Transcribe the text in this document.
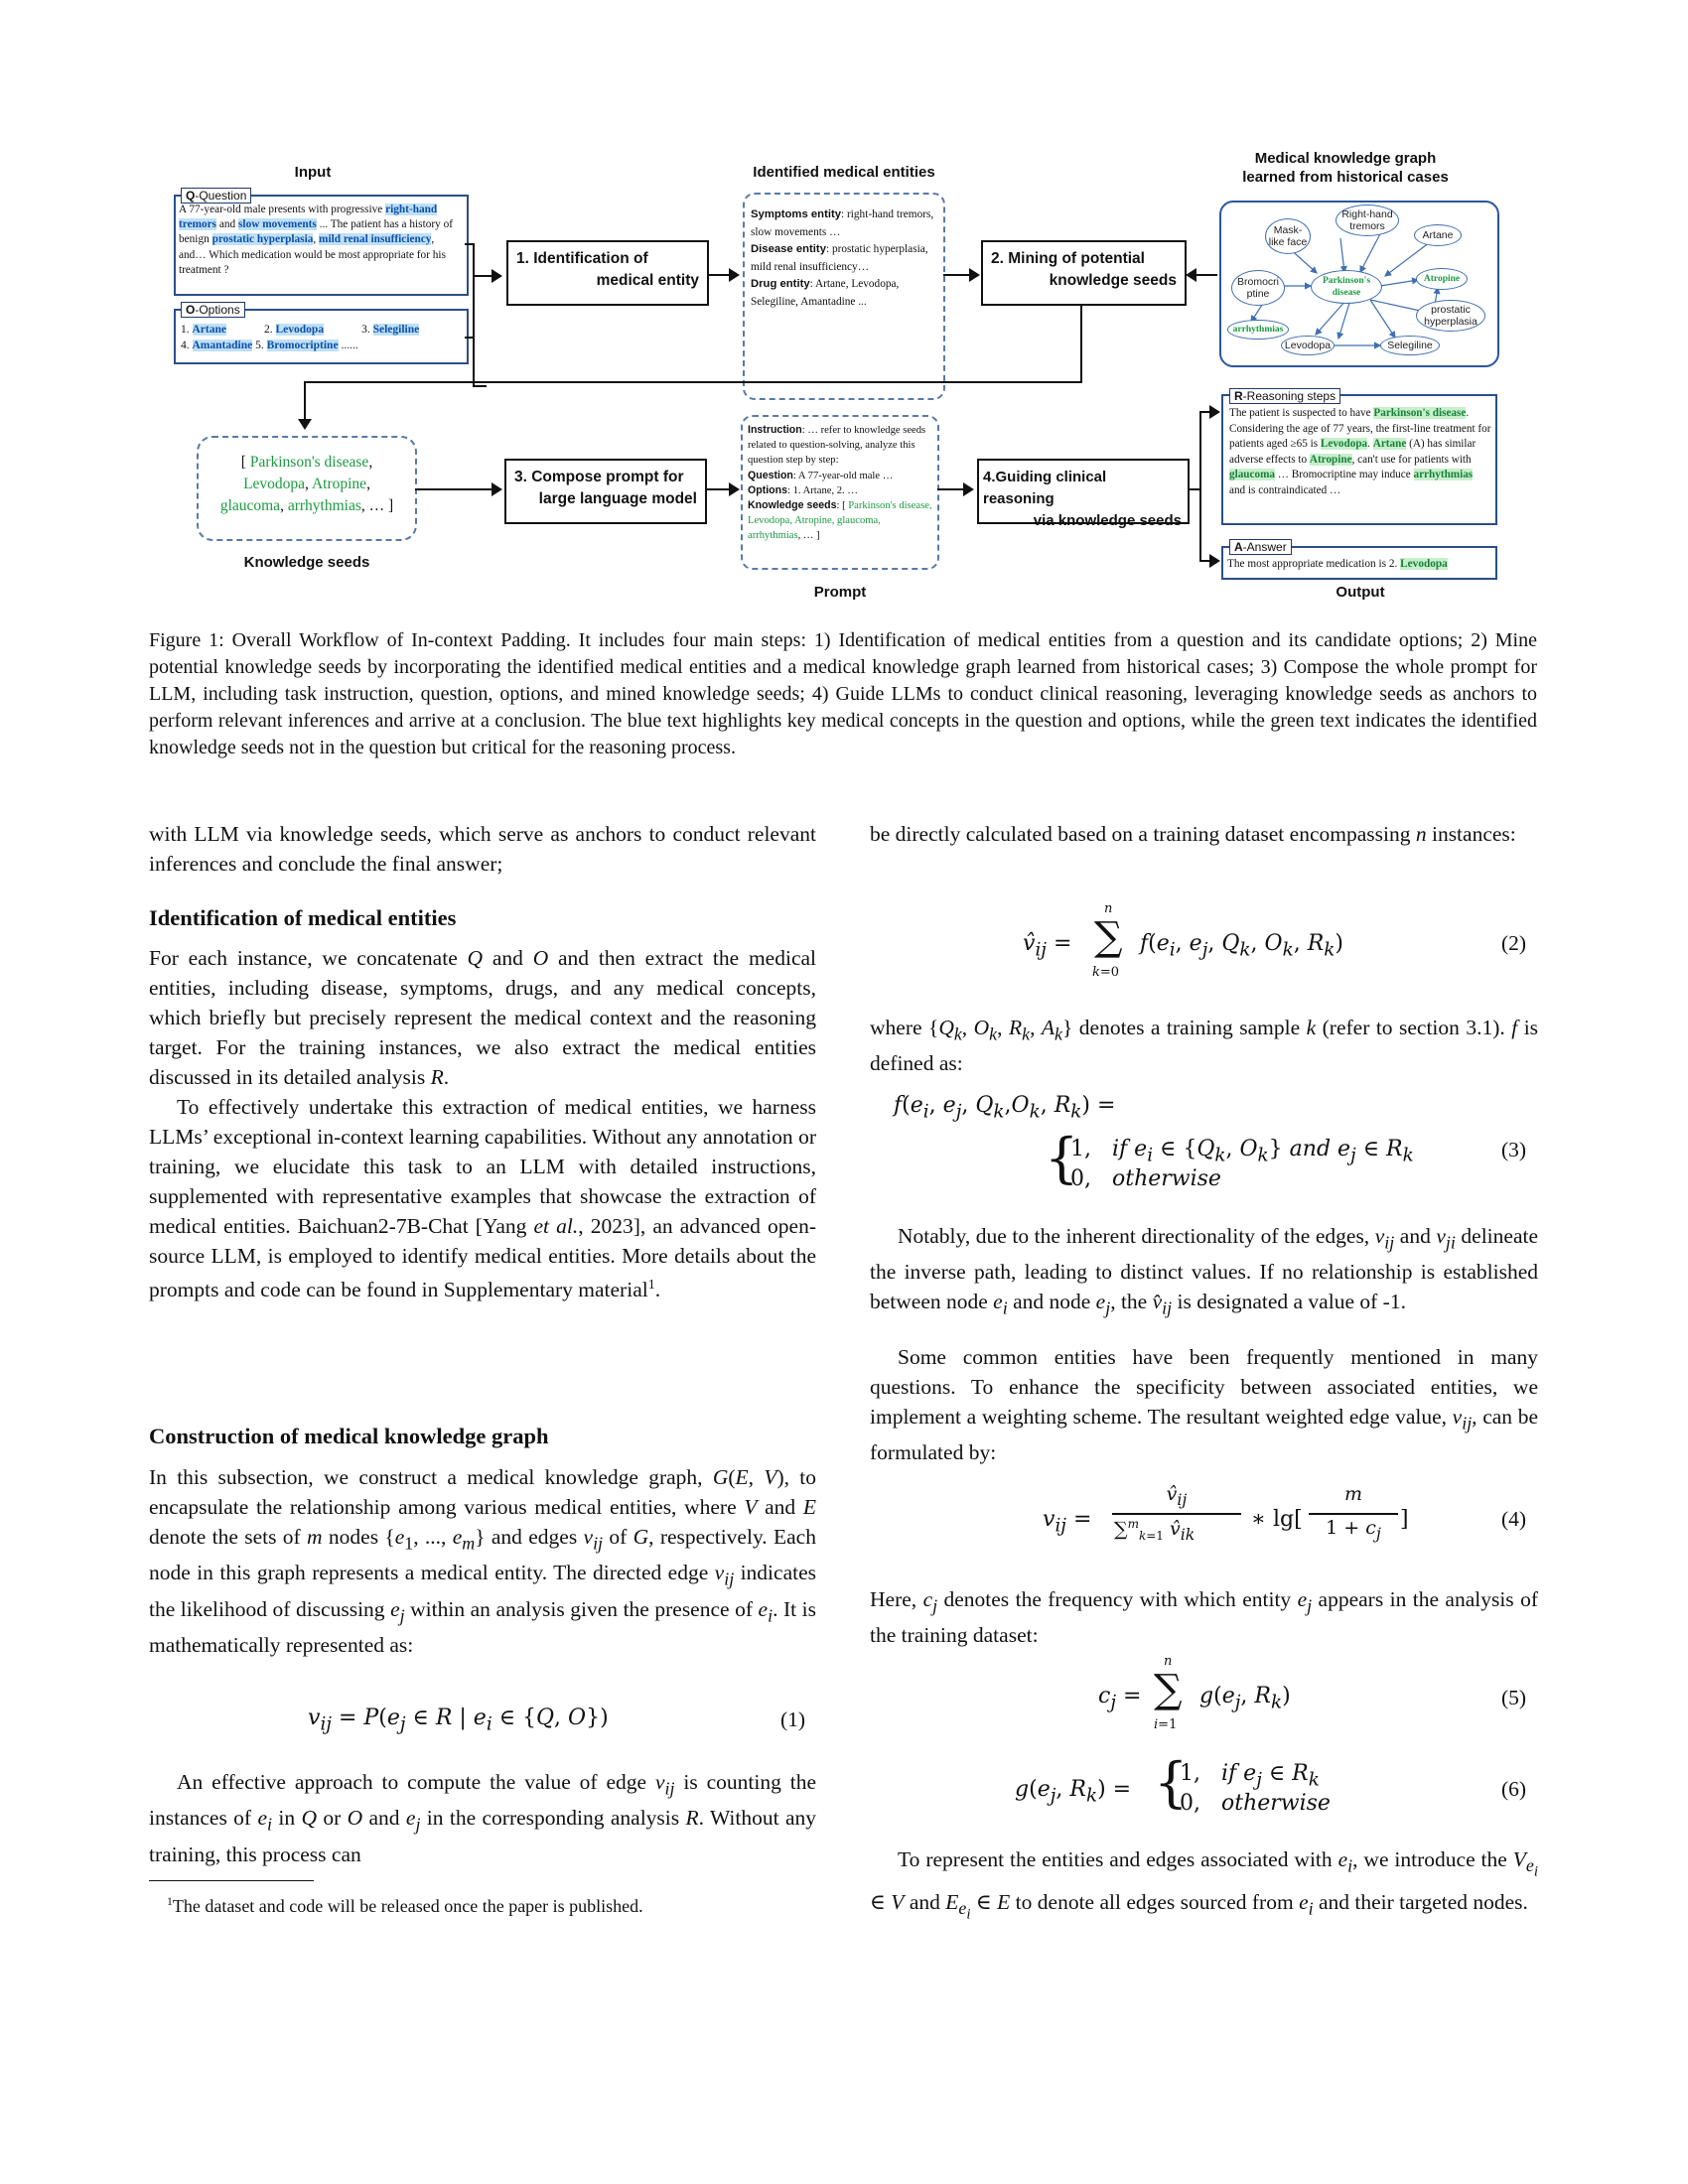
Input
A 77-year-old male presents with progressive right-hand tremors and slow movements ... The patient has a history of benign prostatic hyperplasia, mild renal insufficiency, and… Which medication would be most appropriate for his treatment ?
Q-Question
1. Artane	2. Levodopa	3. Selegiline
4. Amantadine 5. Bromocriptine ......
O-Options
1. Identification of
medical entity
Identified medical entities
Symptoms entity: right-hand tremors, slow movements …
Disease entity: prostatic hyperplasia, mild renal insufficiency…
Drug entity: Artane, Levodopa, Selegiline, Amantadine ...
2. Mining of potential
knowledge seeds
Medical knowledge graph
learned from historical cases
Right-hand tremors
Mask-like face
Artane
Bromocri ptine
Parkinson's disease
Atropine
arrhythmias
prostatic hyperplasia
Levodopa	Selegiline
[ Parkinson's disease,
Levodopa, Atropine,
glaucoma, arrhythmias, … ]
Knowledge seeds
3. Compose prompt for
large language model
Instruction: … refer to knowledge seeds related to question-solving, analyze this question step by step:
Question: A 77-year-old male …
Options: 1. Artane, 2. …
Knowledge seeds: [ Parkinson's disease, Levodopa, Atropine, glaucoma, arrhythmias, … ]
Prompt
4.Guiding clinical reasoning
via knowledge seeds
The patient is suspected to have Parkinson's disease. Considering the age of 77 years, the first-line treatment for patients aged ≥65 is Levodopa. Artane (A) has similar adverse effects to Atropine, can't use for patients with glaucoma … Bromocriptine may induce arrhythmias and is contraindicated …
R-Reasoning steps
The most appropriate medication is 2. Levodopa
A-Answer
Output
Figure 1: Overall Workflow of In-context Padding. It includes four main steps: 1) Identification of medical entities from a question and its candidate options; 2) Mine potential knowledge seeds by incorporating the identified medical entities and a medical knowledge graph learned from historical cases; 3) Compose the whole prompt for LLM, including task instruction, question, options, and mined knowledge seeds; 4) Guide LLMs to conduct clinical reasoning, leveraging knowledge seeds as anchors to perform relevant inferences and arrive at a conclusion. The blue text highlights key medical concepts in the question and options, while the green text indicates the identified knowledge seeds not in the question but critical for the reasoning process.
with LLM via knowledge seeds, which serve as anchors to conduct relevant inferences and conclude the final answer;
Identification of medical entities
For each instance, we concatenate Q and O and then extract the medical entities, including disease, symptoms, drugs, and any medical concepts, which briefly but precisely represent the medical context and the reasoning target. For the training instances, we also extract the medical entities discussed in its detailed analysis R.
To effectively undertake this extraction of medical entities, we harness LLMs’ exceptional in-context learning capabilities. Without any annotation or training, we elucidate this task to an LLM with detailed instructions, supplemented with representative examples that showcase the extraction of medical entities. Baichuan2-7B-Chat [Yang et al., 2023], an advanced open-source LLM, is employed to identify medical entities. More details about the prompts and code can be found in Supplementary material$^1$.
Construction of medical knowledge graph
In this subsection, we construct a medical knowledge graph, G(E, V), to encapsulate the relationship among various medical entities, where V and E denote the sets of m nodes {$e_1$, ..., $e_m$} and edges $v_{ij}$ of G, respectively. Each node in this graph represents a medical entity. The directed edge $v_{ij}$ indicates the likelihood of discussing $e_j$ within an analysis given the presence of $e_i$. It is mathematically represented as:
$v_{ij} = P(e_j$ ∈ R | $e_i$ ∈ {Q, O})	(1)
An effective approach to compute the value of edge $v_{ij}$ is counting the instances of $e_i$ in Q or O and $e_j$ in the corresponding analysis R. Without any training, this process can
$^1$The dataset and code will be released once the paper is published.
be directly calculated based on a training dataset encompassing n instances:
$v̂_{ij}$ =
n
∑
k=0
$f(e_i$, $e_j$, $Q_k$, $O_k$, $R_k$)	(2)
where {$Q_k$, $O_k$, $R_k$, $A_k$} denotes a training sample k (refer to section 3.1). f is defined as:
$f(e_i$, $e_j$, $Q_k,O_k$, $R_k$) =
{
1,   if $e_i$ ∈ {$Q_k$, $O_k$} and $e_j$ ∈ $R_k$
0,   otherwise
(3)
Notably, due to the inherent directionality of the edges, $v_{ij}$ and $v_{ji}$ delineate the inverse path, leading to distinct values. If no relationship is established between node $e_i$ and node $e_j$, the $v̂_{ij}$ is designated a value of -1.
Some common entities have been frequently mentioned in many questions. To enhance the specificity between associated entities, we implement a weighting scheme. The resultant weighted edge value, $v_{ij}$, can be formulated by:
$v_{ij}$ =
$v̂_{ij}$
∑$^m_{k=1}$ $v̂_{ik}$
∗ lg[
m
$1 + c_j$
]	(4)
Here, $c_j$ denotes the frequency with which entity $e_j$ appears in the analysis of the training dataset:
$c_j$ =
n
∑
i=1
$g(e_j$, $R_k$)	(5)
$g(e_j$, $R_k$) = {
1,   if $e_j$ ∈ $R_k$
0,   otherwise
(6)
To represent the entities and edges associated with $e_i$, we introduce the $V_{e_i}$ ∈ V and $E_{e_i}$ ∈ E to denote all edges sourced from $e_i$ and their targeted nodes.
